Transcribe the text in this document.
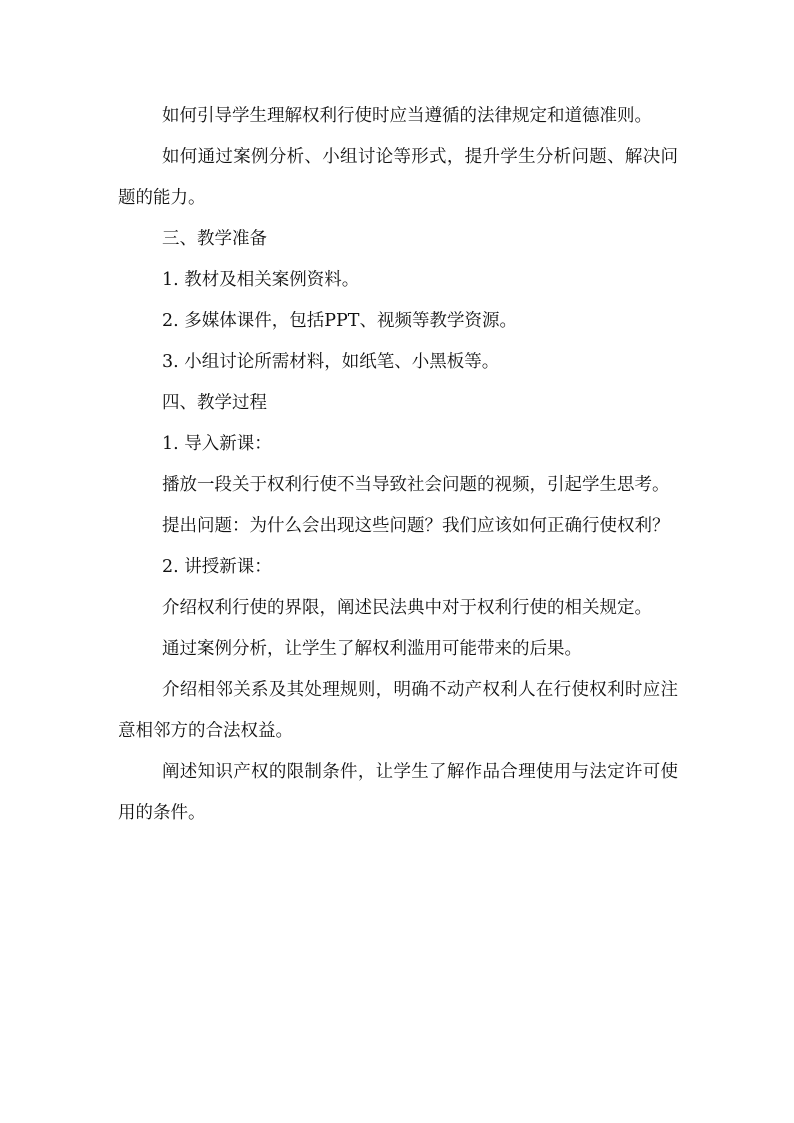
如何引导学生理解权利行使时应当遵循的法律规定和道德准则。

如何通过案例分析、小组讨论等形式，提升学生分析问题、解决问题的能力。

三、教学准备

1. 教材及相关案例资料。

2. 多媒体课件，包括PPT、视频等教学资源。

3. 小组讨论所需材料，如纸笔、小黑板等。

四、教学过程

1. 导入新课：

播放一段关于权利行使不当导致社会问题的视频，引起学生思考。

提出问题：为什么会出现这些问题？我们应该如何正确行使权利？

2. 讲授新课：

介绍权利行使的界限，阐述民法典中对于权利行使的相关规定。

通过案例分析，让学生了解权利滥用可能带来的后果。

介绍相邻关系及其处理规则，明确不动产权利人在行使权利时应注意相邻方的合法权益。

阐述知识产权的限制条件，让学生了解作品合理使用与法定许可使用的条件。
